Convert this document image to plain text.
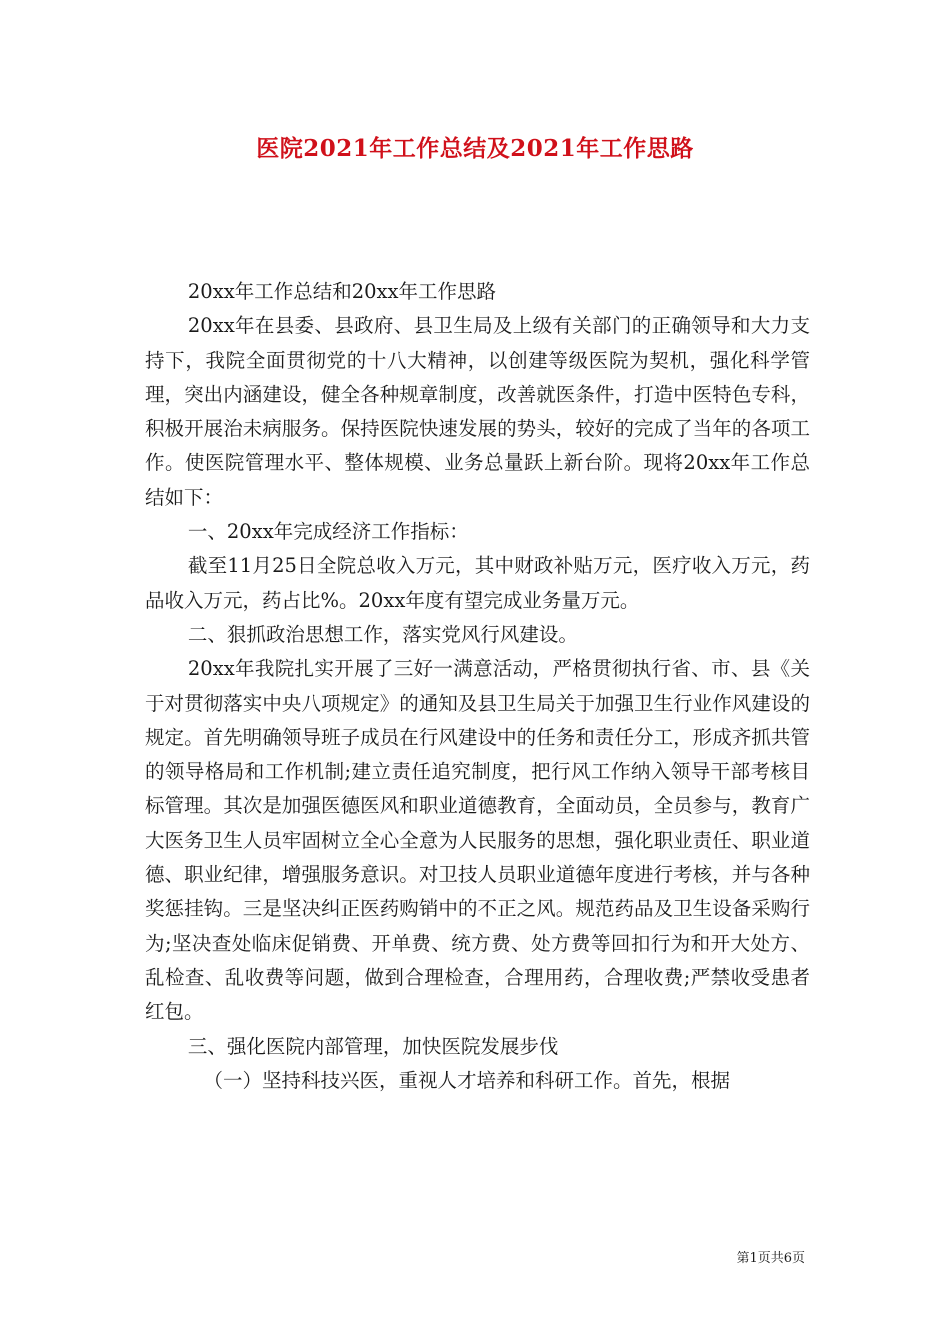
医院2021年工作总结及2021年工作思路

20xx年工作总结和20xx年工作思路

20xx年在县委、县政府、县卫生局及上级有关部门的正确领导和大力支持下，我院全面贯彻党的十八大精神，以创建等级医院为契机，强化科学管理，突出内涵建设，健全各种规章制度，改善就医条件，打造中医特色专科，积极开展治未病服务。保持医院快速发展的势头，较好的完成了当年的各项工作。使医院管理水平、整体规模、业务总量跃上新台阶。现将20xx年工作总结如下：

一、20xx年完成经济工作指标：

截至11月25日全院总收入万元，其中财政补贴万元，医疗收入万元，药品收入万元，药占比%。20xx年度有望完成业务量万元。

二、狠抓政治思想工作，落实党风行风建设。

20xx年我院扎实开展了三好一满意活动，严格贯彻执行省、市、县《关于对贯彻落实中央八项规定》的通知及县卫生局关于加强卫生行业作风建设的规定。首先明确领导班子成员在行风建设中的任务和责任分工，形成齐抓共管的领导格局和工作机制;建立责任追究制度，把行风工作纳入领导干部考核目标管理。其次是加强医德医风和职业道德教育，全面动员，全员参与，教育广大医务卫生人员牢固树立全心全意为人民服务的思想，强化职业责任、职业道德、职业纪律，增强服务意识。对卫技人员职业道德年度进行考核，并与各种奖惩挂钩。三是坚决纠正医药购销中的不正之风。规范药品及卫生设备采购行为;坚决查处临床促销费、开单费、统方费、处方费等回扣行为和开大处方、乱检查、乱收费等问题，做到合理检查，合理用药，合理收费;严禁收受患者红包。

三、强化医院内部管理，加快医院发展步伐

（一）坚持科技兴医，重视人才培养和科研工作。首先，根据

第1页共6页
